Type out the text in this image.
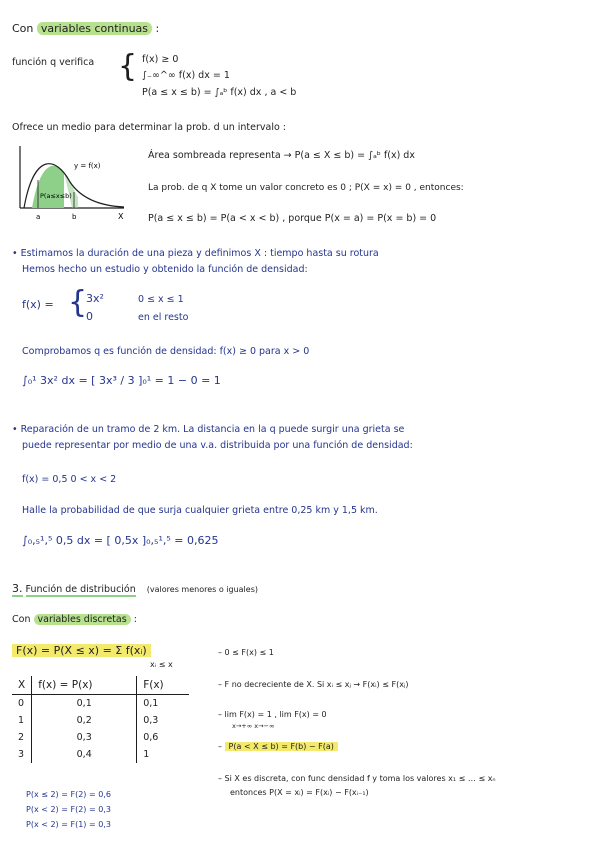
Con variables continuas :
función q verifica { f(x) ≥ 0
∫₋∞^∞ f(x) dx = 1
P(a ≤ x ≤ b) = ∫ₐᵇ f(x) dx , a < b
Ofrece un medio para determinar la prob. d un intervalo :
y = f(x)
P(a≤x≤b)
a	b	X
Área sombreada representa → P(a ≤ X ≤ b) = ∫ₐᵇ f(x) dx
La prob. de q X tome un valor concreto es 0 ; P(X = x) = 0 , entonces:
P(a ≤ x ≤ b) = P(a < x < b) , porque P(x = a) = P(x = b) = 0
• Estimamos la duración de una pieza y definimos X : tiempo hasta su rotura
Hemos hecho un estudio y obtenido la función de densidad:
f(x) = {
3x²	0 ≤ x ≤ 1
0	en el resto
Comprobamos q es función de densidad: f(x) ≥ 0 para x > 0
∫₀¹ 3x² dx = [ 3x³ / 3 ]₀¹ = 1 − 0 = 1
• Reparación de un tramo de 2 km. La distancia en la q puede surgir una grieta se
puede representar por medio de una v.a. distribuida por una función de densidad:
f(x) = 0,5 0 < x < 2
Halle la probabilidad de que surja cualquier grieta entre 0,25 km y 1,5 km.
∫₀,₅¹,⁵ 0,5 dx = [ 0,5x ]₀,₅¹,⁵ = 0,625
3. Función de distribución (valores menores o iguales)
Con variables discretas :
F(x) = P(X ≤ x) = Σ f(xᵢ)
xᵢ ≤ x
X	f(x) = P(x)	F(x)
0	0,1	0,1
1	0,2	0,3
2	0,3	0,6
3	0,4	1
– 0 ≤ F(x) ≤ 1
– F no decreciente de X. Si xᵢ ≤ xⱼ → F(xᵢ) ≤ F(xⱼ)
– lim F(x) = 1 , lim F(x) = 0
x→+∞ x→−∞
– P(a < X ≤ b) = F(b) − F(a)
– Si X es discreta, con func densidad f y toma los valores x₁ ≤ … ≤ xₙ
entonces P(X = xᵢ) = F(xᵢ) − F(xᵢ₋₁)
P(x ≤ 2) = F(2) = 0,6
P(x < 2) = F(2) = 0,3
P(x < 2) = F(1) = 0,3
